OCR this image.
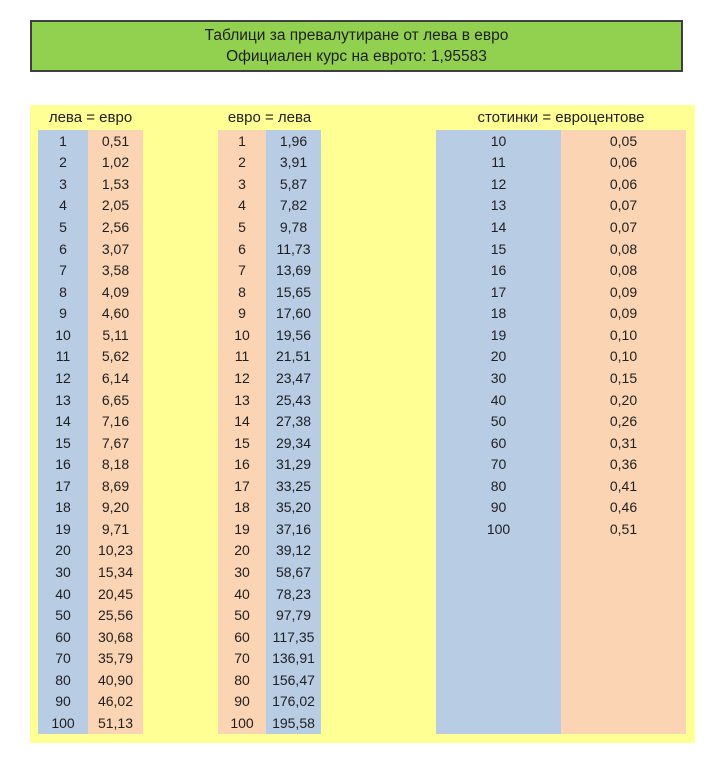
Таблици за превалутиране от лева в евро
Официален курс на еврото: 1,95583
лева = евро
1	0,51
2	1,02
3	1,53
4	2,05
5	2,56
6	3,07
7	3,58
8	4,09
9	4,60
10	5,11
11	5,62
12	6,14
13	6,65
14	7,16
15	7,67
16	8,18
17	8,69
18	9,20
19	9,71
20	10,23
30	15,34
40	20,45
50	25,56
60	30,68
70	35,79
80	40,90
90	46,02
100	51,13
евро = лева
1	1,96
2	3,91
3	5,87
4	7,82
5	9,78
6	11,73
7	13,69
8	15,65
9	17,60
10	19,56
11	21,51
12	23,47
13	25,43
14	27,38
15	29,34
16	31,29
17	33,25
18	35,20
19	37,16
20	39,12
30	58,67
40	78,23
50	97,79
60	117,35
70	136,91
80	156,47
90	176,02
100	195,58
стотинки = евроцентове
10	0,05
11	0,06
12	0,06
13	0,07
14	0,07
15	0,08
16	0,08
17	0,09
18	0,09
19	0,10
20	0,10
30	0,15
40	0,20
50	0,26
60	0,31
70	0,36
80	0,41
90	0,46
100	0,51
